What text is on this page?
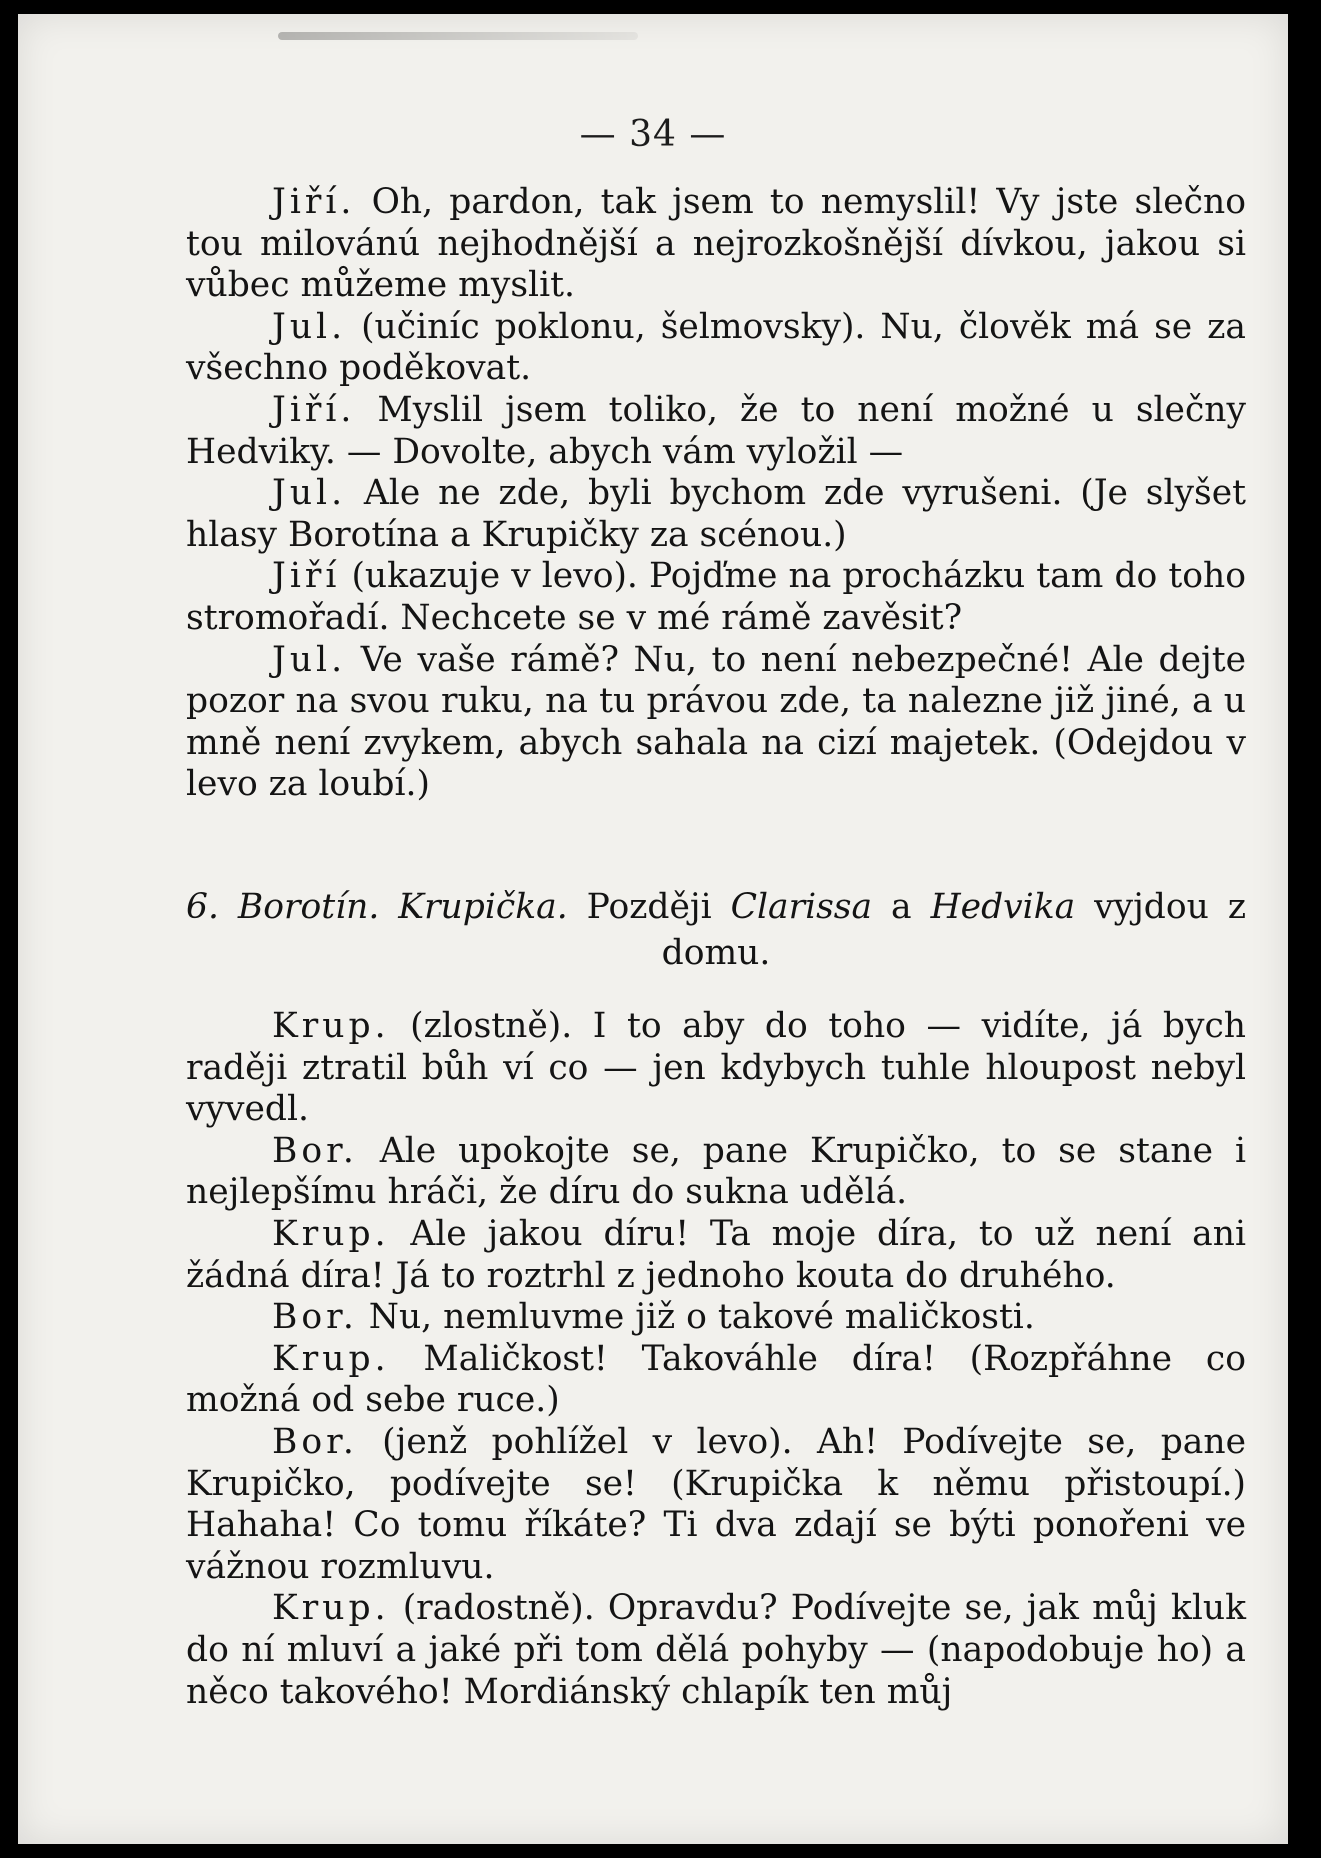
— 34 —

Jiří. Oh, pardon, tak jsem to nemyslil! Vy jste slečno tou milovánú nejhodnější a nejrozkošnější dívkou, jakou si vůbec můžeme myslit.

Jul. (učiníc poklonu, šelmovsky). Nu, člověk má se za všechno poděkovat.

Jiří. Myslil jsem toliko, že to není možné u slečny Hedviky. — Dovolte, abych vám vyložil —

Jul. Ale ne zde, byli bychom zde vyrušeni. (Je slyšet hlasy Borotína a Krupičky za scénou.)

Jiří (ukazuje v levo). Pojďme na procházku tam do toho stromořadí. Nechcete se v mé rámě zavěsit?

Jul. Ve vaše rámě? Nu, to není nebezpečné! Ale dejte pozor na svou ruku, na tu právou zde, ta nalezne již jiné, a u mně není zvykem, abych sahala na cizí majetek. (Odejdou v levo za loubí.)

6. Borotín. Krupička. Později Clarissa a Hedvika vyjdou z domu.

Krup. (zlostně). I to aby do toho — vidíte, já bych raději ztratil bůh ví co — jen kdybych tuhle hloupost nebyl vyvedl.

Bor. Ale upokojte se, pane Krupičko, to se stane i nejlepšímu hráči, že díru do sukna udělá.

Krup. Ale jakou díru! Ta moje díra, to už není ani žádná díra! Já to roztrhl z jednoho kouta do druhého.

Bor. Nu, nemluvme již o takové maličkosti.

Krup. Maličkost! Takováhle díra! (Rozpřáhne co možná od sebe ruce.)

Bor. (jenž pohlížel v levo). Ah! Podívejte se, pane Krupičko, podívejte se! (Krupička k němu přistoupí.) Hahaha! Co tomu říkáte? Ti dva zdají se býti ponořeni ve vážnou rozmluvu.

Krup. (radostně). Opravdu? Podívejte se, jak můj kluk do ní mluví a jaké při tom dělá pohyby — (napodobuje ho) a něco takového! Mordiánský chlapík ten můj
